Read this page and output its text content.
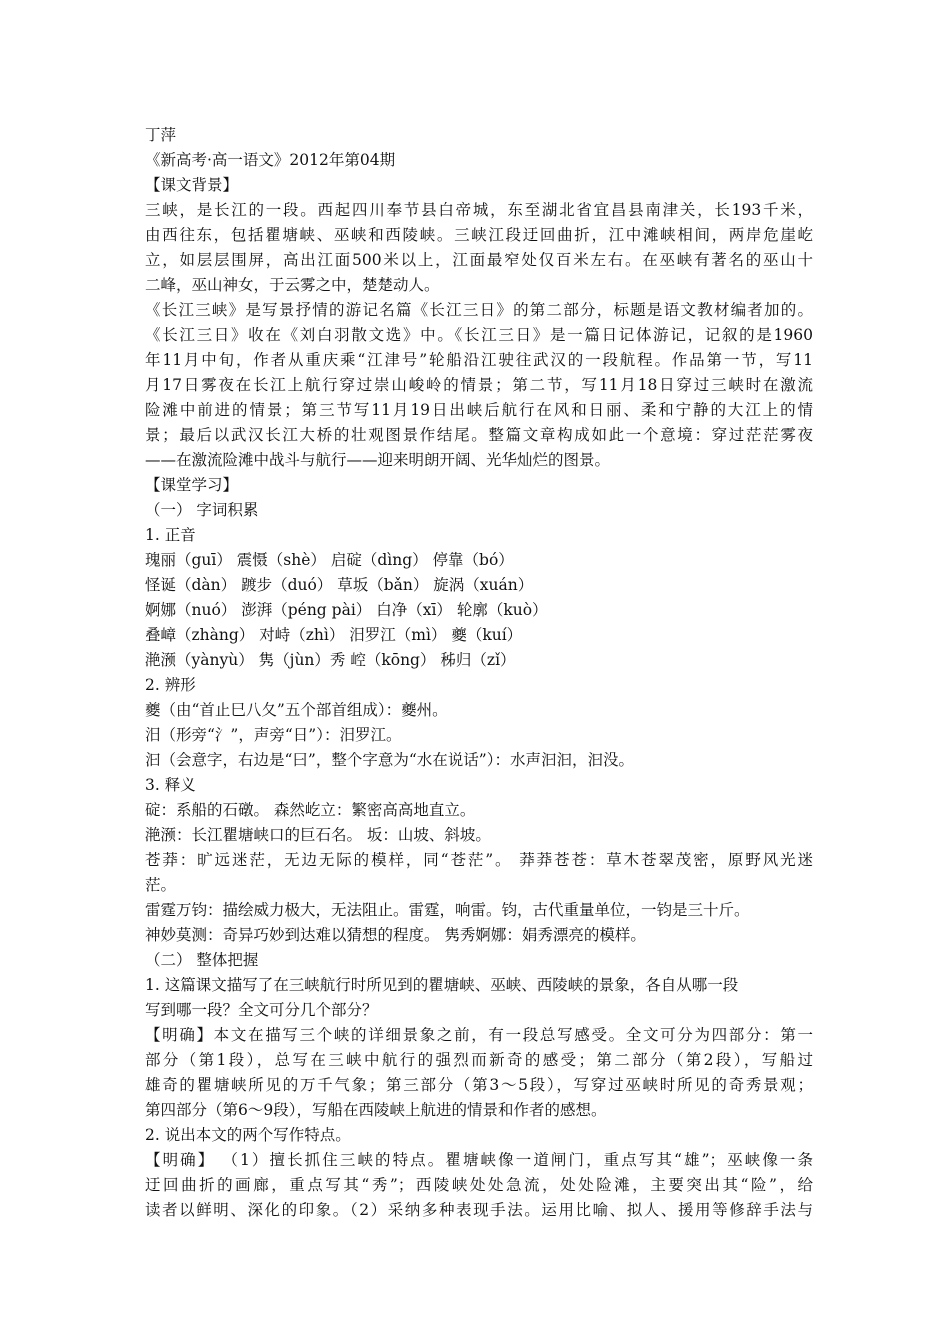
丁萍
《新高考·高一语文》2012年第04期
【课文背景】
三峡，是长江的一段。西起四川奉节县白帝城，东至湖北省宜昌县南津关，长193千米，
由西往东，包括瞿塘峡、巫峡和西陵峡。三峡江段迂回曲折，江中滩峡相间，两岸危崖屹
立，如层层围屏，高出江面500米以上，江面最窄处仅百米左右。在巫峡有著名的巫山十
二峰，巫山神女，于云雾之中，楚楚动人。
《长江三峡》是写景抒情的游记名篇《长江三日》的第二部分，标题是语文教材编者加的。
《长江三日》收在《刘白羽散文选》中。《长江三日》是一篇日记体游记，记叙的是1960
年11月中旬，作者从重庆乘“江津号”轮船沿江驶往武汉的一段航程。作品第一节，写11
月17日雾夜在长江上航行穿过崇山峻岭的情景；第二节，写11月18日穿过三峡时在激流
险滩中前进的情景；第三节写11月19日出峡后航行在风和日丽、柔和宁静的大江上的情
景；最后以武汉长江大桥的壮观图景作结尾。整篇文章构成如此一个意境：穿过茫茫雾夜
——在激流险滩中战斗与航行——迎来明朗开阔、光华灿烂的图景。
【课堂学习】
（一） 字词积累
1. 正音
瑰丽（guī） 震慑（shè） 启碇（dìng） 停靠（bó）
怪诞（dàn） 踱步（duó） 草坂（bǎn） 旋涡（xuán）
婀娜（nuó） 澎湃（péng pài） 白净（xī） 轮廓（kuò）
叠嶂（zhàng） 对峙（zhì） 汨罗江（mì） 夔（kuí）
滟滪（yànyù） 隽（jùn）秀 崆（kōng） 秭归（zǐ）
2. 辨形
夔（由“首止巳八夂”五个部首组成）：夔州。
汨（形旁“氵”，声旁“日”）：汨罗江。
汩（会意字，右边是“曰”，整个字意为“水在说话”）：水声汩汩，汩没。
3. 释义
碇：系船的石礅。 森然屹立：繁密高高地直立。
滟滪：长江瞿塘峡口的巨石名。 坂：山坡、斜坡。
苍莽：旷远迷茫，无边无际的模样，同“苍茫”。 莽莽苍苍：草木苍翠茂密，原野风光迷
茫。
雷霆万钧：描绘威力极大，无法阻止。雷霆，响雷。钧，古代重量单位，一钧是三十斤。
神妙莫测：奇异巧妙到达难以猜想的程度。 隽秀婀娜：娟秀漂亮的模样。
（二） 整体把握
1. 这篇课文描写了在三峡航行时所见到的瞿塘峡、巫峡、西陵峡的景象，各自从哪一段
写到哪一段？全文可分几个部分？
【明确】本文在描写三个峡的详细景象之前，有一段总写感受。全文可分为四部分：第一
部分（第1段），总写在三峡中航行的强烈而新奇的感受；第二部分（第2段），写船过
雄奇的瞿塘峡所见的万千气象；第三部分（第3～5段），写穿过巫峡时所见的奇秀景观；
第四部分（第6～9段），写船在西陵峡上航进的情景和作者的感想。
2. 说出本文的两个写作特点。
【明确】 （1）擅长抓住三峡的特点。瞿塘峡像一道闸门，重点写其“雄”；巫峡像一条
迂回曲折的画廊，重点写其“秀”；西陵峡处处急流，处处险滩，主要突出其“险”，给
读者以鲜明、深化的印象。（2）采纳多种表现手法。运用比喻、拟人、援用等修辞手法与
